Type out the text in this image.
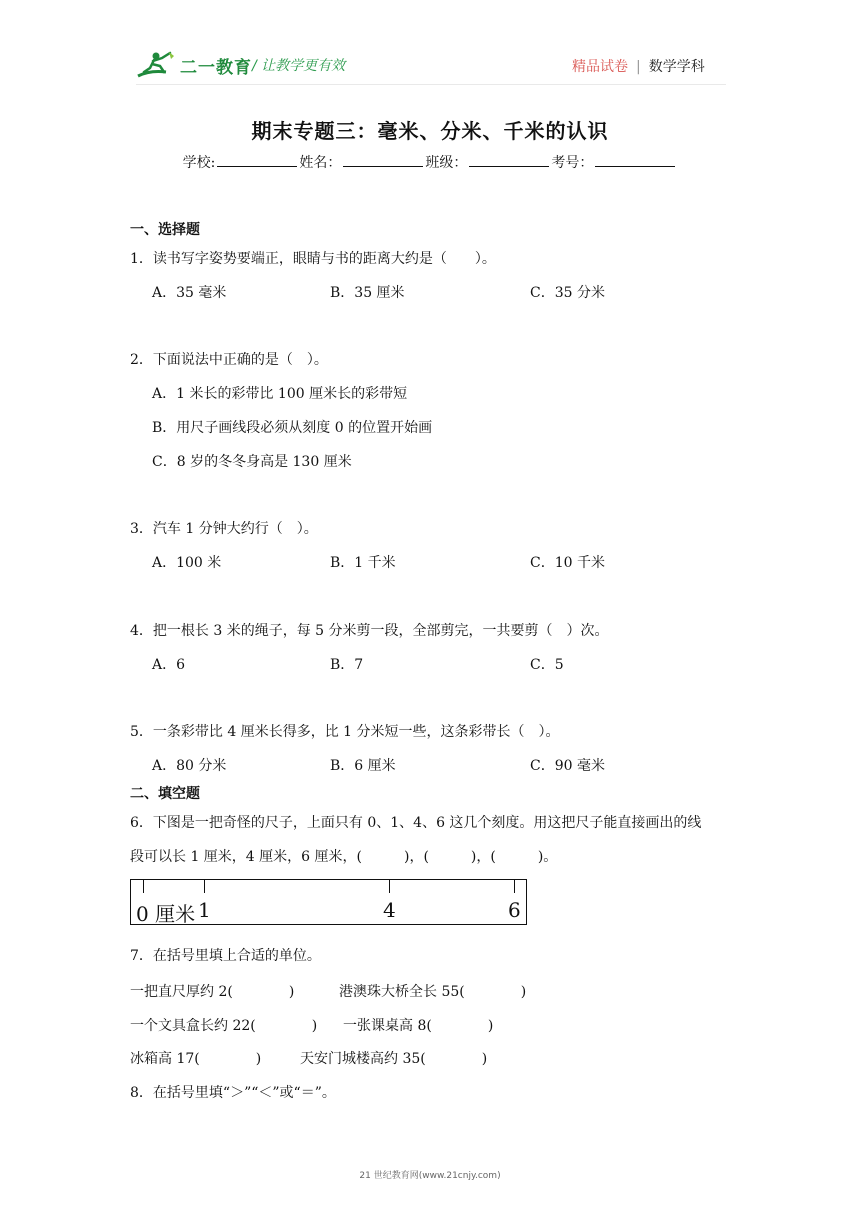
二一教育 / 让教学更有效	精品试卷 | 数学学科
期末专题三：毫米、分米、千米的认识
学校:	姓名：	班级：	考号：
一、选择题
1．读书写字姿势要端正，眼睛与书的距离大约是（　　）。
A．35 毫米	B．35 厘米	C．35 分米
2．下面说法中正确的是（　）。
A．1 米长的彩带比 100 厘米长的彩带短
B．用尺子画线段必须从刻度 0 的位置开始画
C．8 岁的冬冬身高是 130 厘米
3．汽车 1 分钟大约行（　）。
A．100 米	B．1 千米	C．10 千米
4．把一根长 3 米的绳子，每 5 分米剪一段，全部剪完，一共要剪（　）次。
A．6	B．7	C．5
5．一条彩带比 4 厘米长得多，比 1 分米短一些，这条彩带长（　）。
A．80 分米	B．6 厘米	C．90 毫米
二、填空题
6．下图是一把奇怪的尺子，上面只有 0、1、4、6 这几个刻度。用这把尺子能直接画出的线
段可以长 1 厘米，4 厘米，6 厘米，(　　　)，(　　　)，(　　　)。
0 厘米 1	4	6
7．在括号里填上合适的单位。
一把直尺厚约 2(　　　　)	港澳珠大桥全长 55(　　　　)
一个文具盒长约 22(　　　　) 一张课桌高 8(　　　　)
冰箱高 17(　　　　)	天安门城楼高约 35(　　　　)
8．在括号里填“＞”“＜”或“＝”。
21 世纪教育网(www.21cnjy.com)
